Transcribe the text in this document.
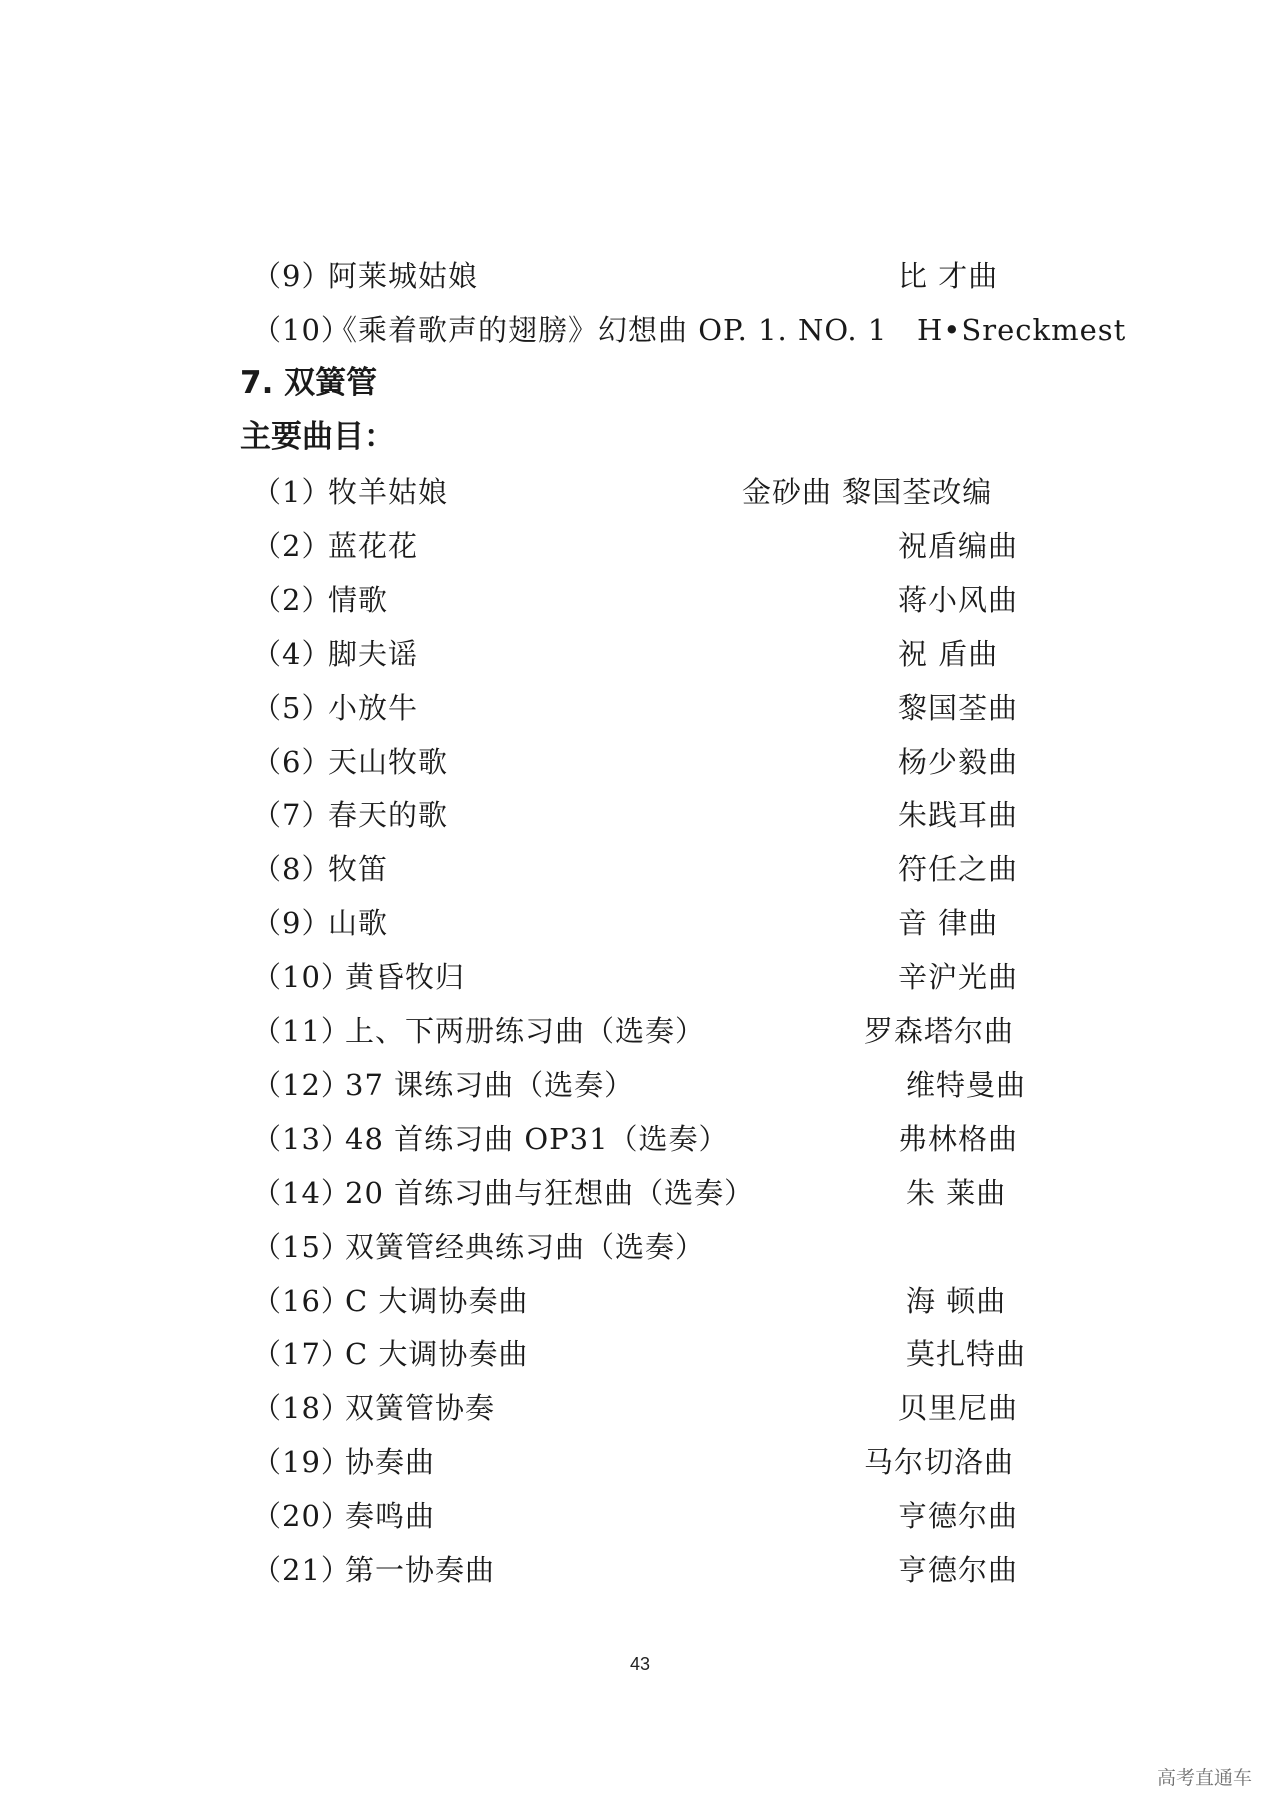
（9）
阿莱城姑娘	比 才曲
（10）
《乘着歌声的翅膀》幻想曲 OP. 1. NO. 1 H•Sreckmest
7. 双簧管
主要曲目：
（1）
牧羊姑娘	金砂曲 黎国荃改编
（2）
蓝花花	祝盾编曲
（2）
情歌	蒋小风曲
（4）
脚夫谣	祝 盾曲
（5）
小放牛	黎国荃曲
（6）
天山牧歌	杨少毅曲
（7）
春天的歌	朱践耳曲
（8）
牧笛	符任之曲
（9）
山歌	音 律曲
（10）
黄昏牧归	辛沪光曲
（11）
上、下两册练习曲（选奏）	罗森塔尔曲
（12）
37 课练习曲（选奏）	维特曼曲
（13）
48 首练习曲 OP31（选奏）	弗林格曲
（14）
20 首练习曲与狂想曲（选奏）	朱 莱曲
（15）
双簧管经典练习曲（选奏）
（16）
C 大调协奏曲	海 顿曲
（17）
C 大调协奏曲	莫扎特曲
（18）
双簧管协奏	贝里尼曲
（19）
协奏曲	马尔切洛曲
（20）
奏鸣曲	亨德尔曲
（21）
第一协奏曲	亨德尔曲
43
高考直通车
